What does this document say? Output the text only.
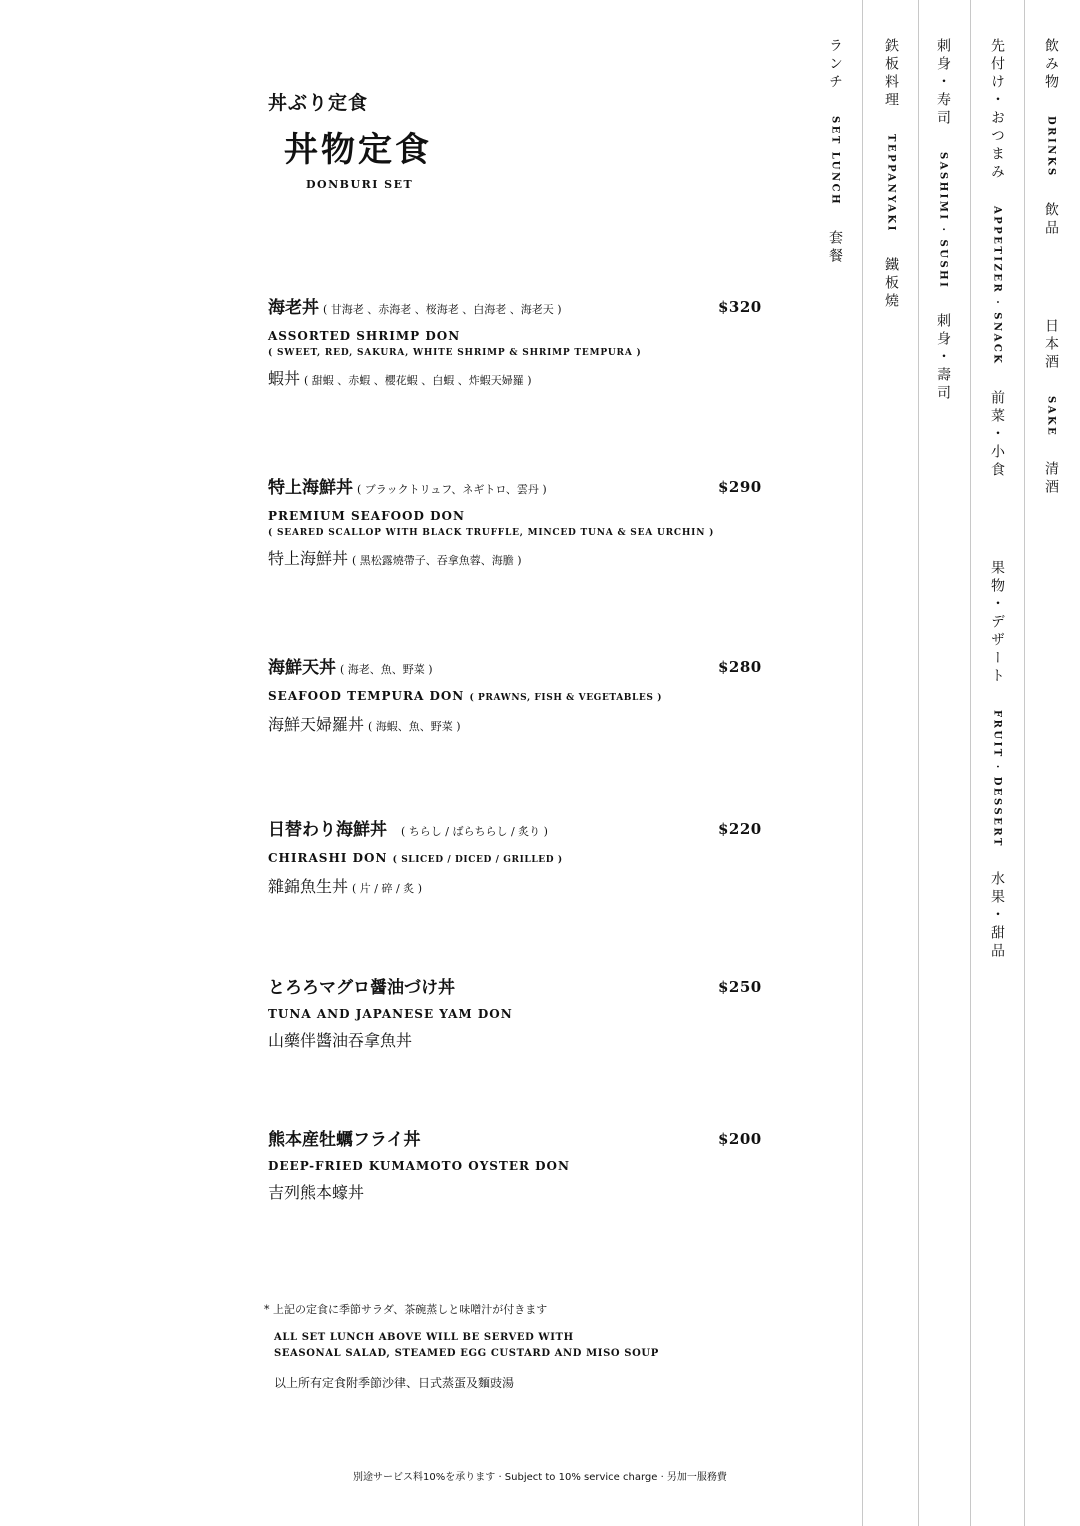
丼ぶり定食
丼物定食
DONBURI SET
海老丼 ( 甘海老 、赤海老 、桜海老 、白海老 、海老天 )	$320
ASSORTED SHRIMP DON
( SWEET, RED, SAKURA, WHITE SHRIMP & SHRIMP TEMPURA )
蝦丼 ( 甜蝦 、赤蝦 、櫻花蝦 、白蝦 、炸蝦天婦羅 )
特上海鮮丼 ( ブラックトリュフ、ネギトロ、雲丹 )	$290
PREMIUM SEAFOOD DON
( SEARED SCALLOP WITH BLACK TRUFFLE, MINCED TUNA & SEA URCHIN )
特上海鮮丼 ( 黑松露燒帶子、吞拿魚蓉、海膽 )
海鮮天丼 ( 海老、魚、野菜 )	$280
SEAFOOD TEMPURA DON ( PRAWNS, FISH & VEGETABLES )
海鮮天婦羅丼 ( 海蝦、魚、野菜 )
日替わり海鮮丼 ( ちらし / ばらちらし / 炙り )	$220
CHIRASHI DON ( SLICED / DICED / GRILLED )
雜錦魚生丼 ( 片 / 碎 / 炙 )
とろろマグロ醤油づけ丼	$250
TUNA AND JAPANESE YAM DON
山藥伴醬油吞拿魚丼
熊本産牡蠣フライ丼	$200
DEEP-FRIED KUMAMOTO OYSTER DON
吉列熊本蠔丼
* 上記の定食に季節サラダ、茶碗蒸しと味噌汁が付きます
ALL SET LUNCH ABOVE WILL BE SERVED WITH
SEASONAL SALAD, STEAMED EGG CUSTARD AND MISO SOUP
以上所有定食附季節沙律、日式蒸蛋及麵豉湯
別途サービス料10%を承ります · Subject to 10% service charge · 另加一服務費
ランチ
SET LUNCH
套餐
鉄板料理
TEPPANYAKI
鐵板燒
刺身・寿司
SASHIMI · SUSHI
刺身・壽司
先付け・おつまみ
APPETIZER · SNACK
前菜・小食
果物・デザート
FRUIT · DESSERT
水果・甜品
飲み物
DRINKS
飲品
日本酒
SAKE
清酒
